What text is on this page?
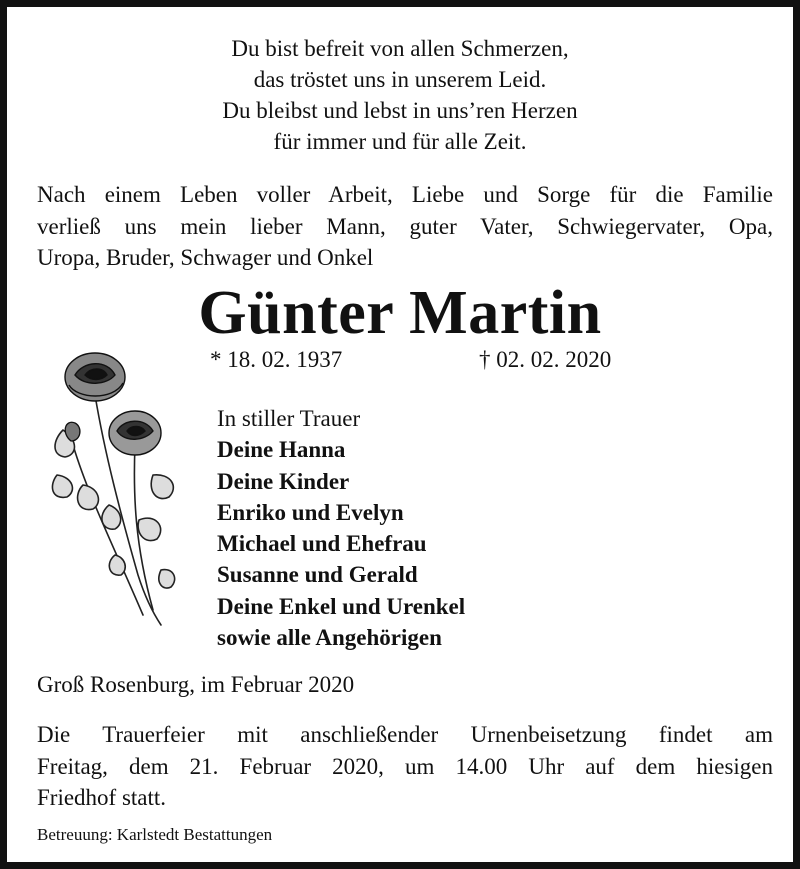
Du bist befreit von allen Schmerzen,
das tröstet uns in unserem Leid.
Du bleibst und lebst in uns’ren Herzen
für immer und für alle Zeit.
Nach einem Leben voller Arbeit, Liebe und Sorge für die Familie
verließ uns mein lieber Mann, guter Vater, Schwiegervater, Opa,
Uropa, Bruder, Schwager und Onkel
Günter Martin
* 18. 02. 1937	† 02. 02. 2020
In stiller Trauer
Deine Hanna
Deine Kinder
Enriko und Evelyn
Michael und Ehefrau
Susanne und Gerald
Deine Enkel und Urenkel
sowie alle Angehörigen
Groß Rosenburg, im Februar 2020
Die Trauerfeier mit anschließender Urnenbeisetzung findet am
Freitag, dem 21. Februar 2020, um 14.00 Uhr auf dem hiesigen
Friedhof statt.
Betreuung: Karlstedt Bestattungen
